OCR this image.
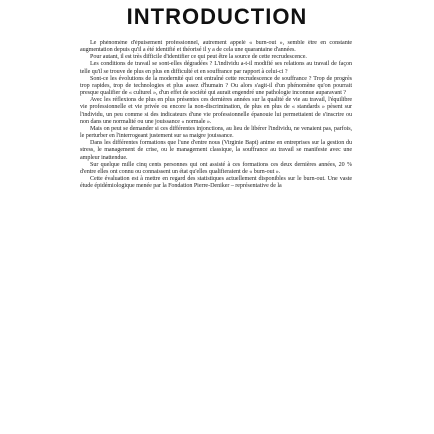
INTRODUCTION

Le phénomène d'épuisement professionnel, autrement appelé « burn-out », semble être en constante augmentation depuis qu'il a été identifié et théorisé il y a de cela une quarantaine d'années.

Pour autant, il est très difficile d'identifier ce qui peut être la source de cette recrudescence.

Les conditions de travail se sont-elles dégradées ? L'individu a-t-il modifié ses relations au travail de façon telle qu'il se trouve de plus en plus en difficulté et en souffrance par rapport à celui-ci ?

Sont-ce les évolutions de la modernité qui ont entraîné cette recrudescence de souffrance ? Trop de progrès trop rapides, trop de technologies et plus assez d'humain ? Ou alors s'agit-il d'un phénomène qu'on pourrait presque qualifier de « culturel », d'un effet de société qui aurait engendré une pathologie inconnue auparavant ?

Avec les réflexions de plus en plus présentes ces dernières années sur la qualité de vie au travail, l'équilibre vie professionnelle et vie privée ou encore la non-discrimination, de plus en plus de « standards » pèsent sur l'individu, un peu comme si des indicateurs d'une vie professionnelle épanouie lui permettaient de s'inscrire ou non dans une normalité ou une jouissance « normale ».

Mais on peut se demander si ces différentes injonctions, au lieu de libérer l'individu, ne venaient pas, parfois, le perturber en l'interrogeant justement sur sa maigre jouissance.

Dans les différentes formations que l'une d'entre nous (Virginie Bapt) anime en entreprises sur la gestion du stress, le management de crise, ou le management classique, la souffrance au travail se manifeste avec une ampleur inattendue.

Sur quelque mille cinq cents personnes qui ont assisté à ces formations ces deux dernières années, 20 % d'entre elles ont connu ou connaissent un état qu'elles qualifieraient de « burn-out ».

Cette évaluation est à mettre en regard des statistiques actuellement disponibles sur le burn-out. Une vaste étude épidémiologique menée par la Fondation Pierre-Deniker – représentative de la
